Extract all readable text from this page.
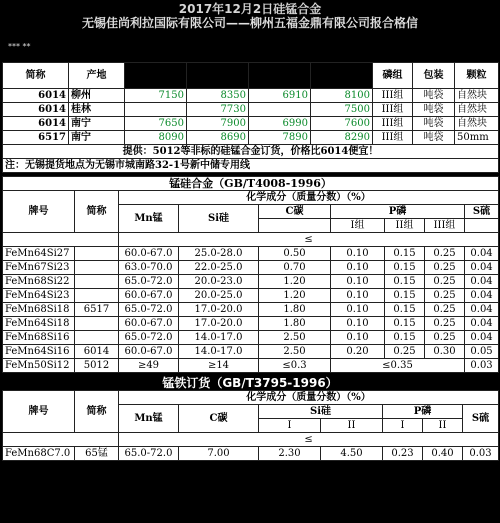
2017年12月2日硅锰合金
无锡佳尚利拉国际有限公司——柳州五福金鼎有限公司报合格信
*** **
简称	产地					磷组	包装	颗粒
6014	柳州	7150	8350	6910	8100	III组	吨袋	自然块
6014	桂林		7730		7500	III组	吨袋	自然块
6014	南宁	7650	7900	6990	7600	III组	吨袋	自然块
6517	南宁	8090	8690	7890	8290	III组	吨袋	50mm
提供：5012等非标的硅锰合金订货，价格比6014便宜！								
注：无锡提货地点为无锡市城南路32-1号新中储专用线								
锰硅合金（GB/T4008-1996）								
牌号	简称	化学成分（质量分数）（%）						
		Mn锰	Si硅	C碳	P磷			S硫
					I组	II组	III组	
		≤						
FeMn64Si27		60.0-67.0	25.0-28.0	0.50	0.10	0.15	0.25	0.04
FeMn67Si23		63.0-70.0	22.0-25.0	0.70	0.10	0.15	0.25	0.04
FeMn68Si22		65.0-72.0	20.0-23.0	1.20	0.10	0.15	0.25	0.04
FeMn64Si23		60.0-67.0	20.0-25.0	1.20	0.10	0.15	0.25	0.04
FeMn68Si18	6517	65.0-72.0	17.0-20.0	1.80	0.10	0.15	0.25	0.04
FeMn64Si18		60.0-67.0	17.0-20.0	1.80	0.10	0.15	0.25	0.04
FeMn68Si16		65.0-72.0	14.0-17.0	2.50	0.10	0.15	0.25	0.04
FeMn64Si16	6014	60.0-67.0	14.0-17.0	2.50	0.20	0.25	0.30	0.05
FeMn50Si12	5012	≥49	≥14	≤0.3	≤0.35			0.03
锰铁订货（GB/T3795-1996）
牌号	简称	化学成分（质量分数）（%）						
		Mn锰	C碳	Si硅		P磷		S硫
				I	II	I	II	
		≤						
FeMn68C7.0	65锰	65.0-72.0	7.00	2.30	4.50	0.23	0.40	0.03
